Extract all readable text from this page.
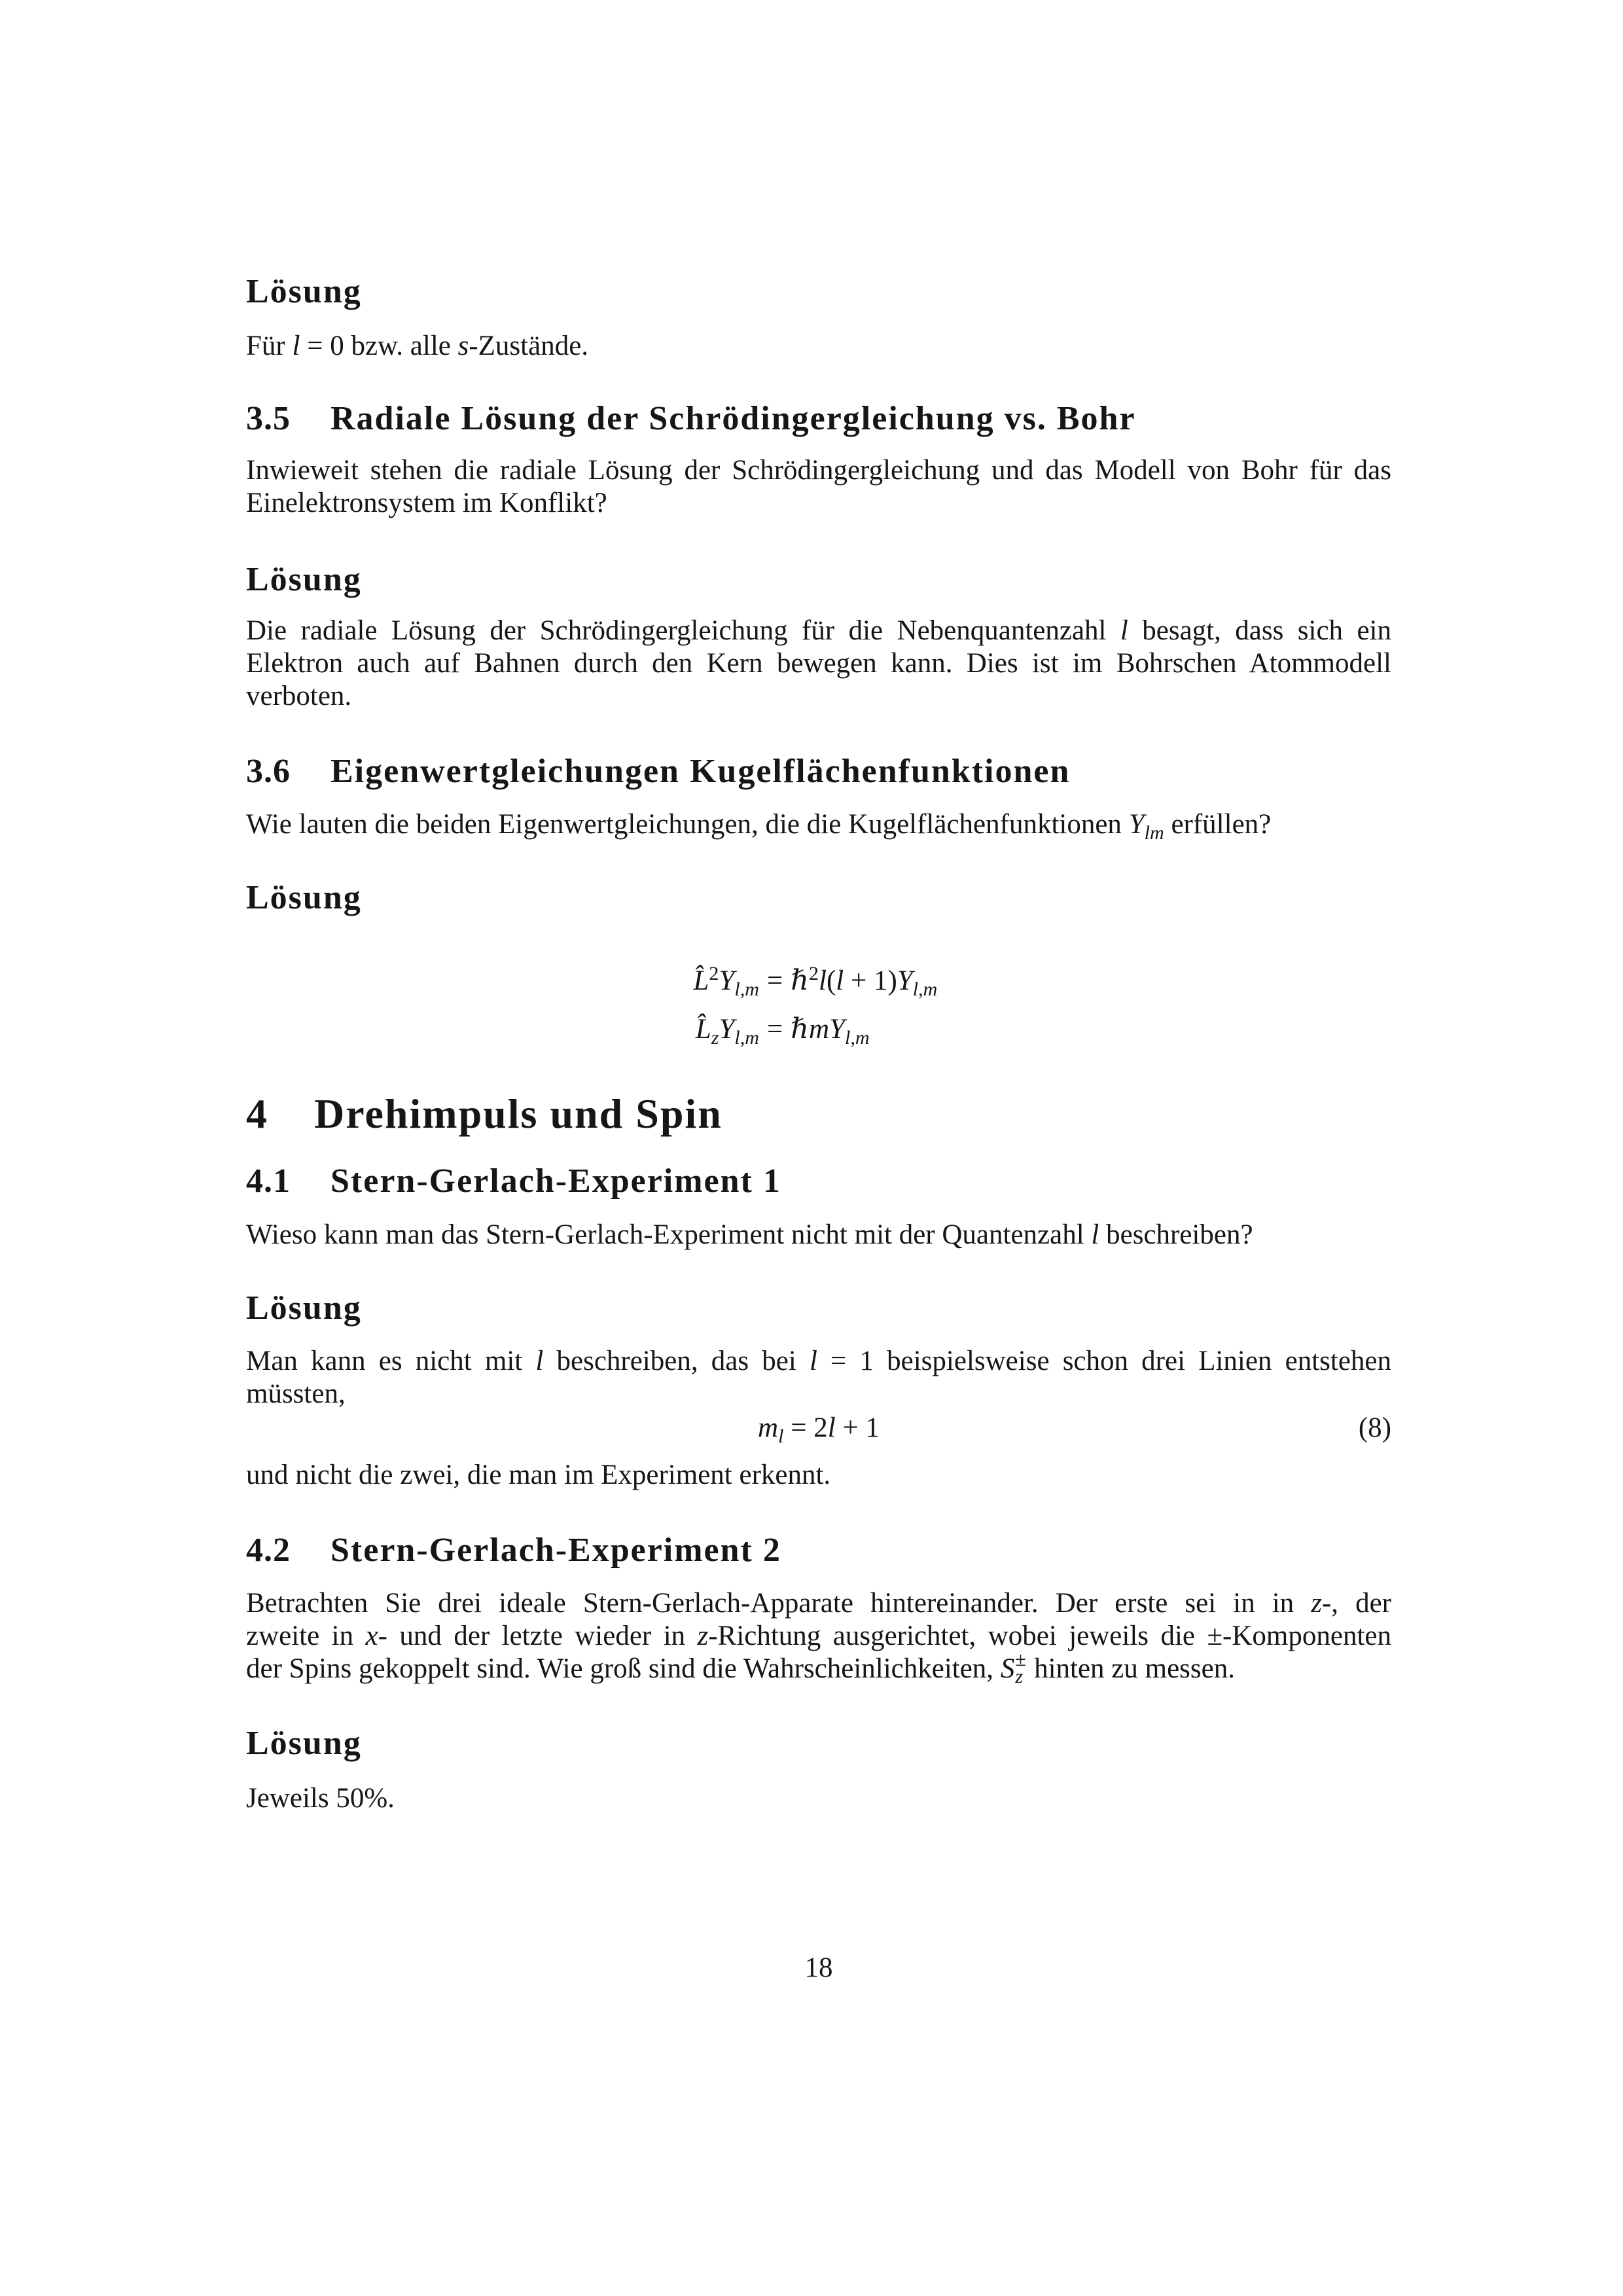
Lösung
Für l = 0 bzw. alle s-Zustände.
3.5 Radiale Lösung der Schrödingergleichung vs. Bohr
Inwieweit stehen die radiale Lösung der Schrödingergleichung und das Modell von Bohr für das
Einelektronsystem im Konflikt?
Lösung
Die radiale Lösung der Schrödingergleichung für die Nebenquantenzahl l besagt, dass sich ein
Elektron auch auf Bahnen durch den Kern bewegen kann. Dies ist im Bohrschen Atommodell
verboten.
3.6 Eigenwertgleichungen Kugelflächenfunktionen
Wie lauten die beiden Eigenwertgleichungen, die die Kugelflächenfunktionen $Y_{lm}$ erfüllen?
Lösung
$L̂^2Y_{l,m}$ = ℏ$^2$l(l + $1)Y_{l,m}$
$L̂_zY_{l,m}$ = ℏmY$_{l,m}$
4 Drehimpuls und Spin
4.1 Stern-Gerlach-Experiment 1
Wieso kann man das Stern-Gerlach-Experiment nicht mit der Quantenzahl l beschreiben?
Lösung
Man kann es nicht mit l beschreiben, das bei l = 1 beispielsweise schon drei Linien entstehen
müssten,
$m_l = 2l + 1$	(8)
und nicht die zwei, die man im Experiment erkennt.
4.2 Stern-Gerlach-Experiment 2
Betrachten Sie drei ideale Stern-Gerlach-Apparate hintereinander. Der erste sei in in z-, der
zweite in x- und der letzte wieder in z-Richtung ausgerichtet, wobei jeweils die ±-Komponenten
der Spins gekoppelt sind. Wie groß sind die Wahrscheinlichkeiten, S ±
z hinten zu messen.
Lösung
Jeweils 50%.
18
